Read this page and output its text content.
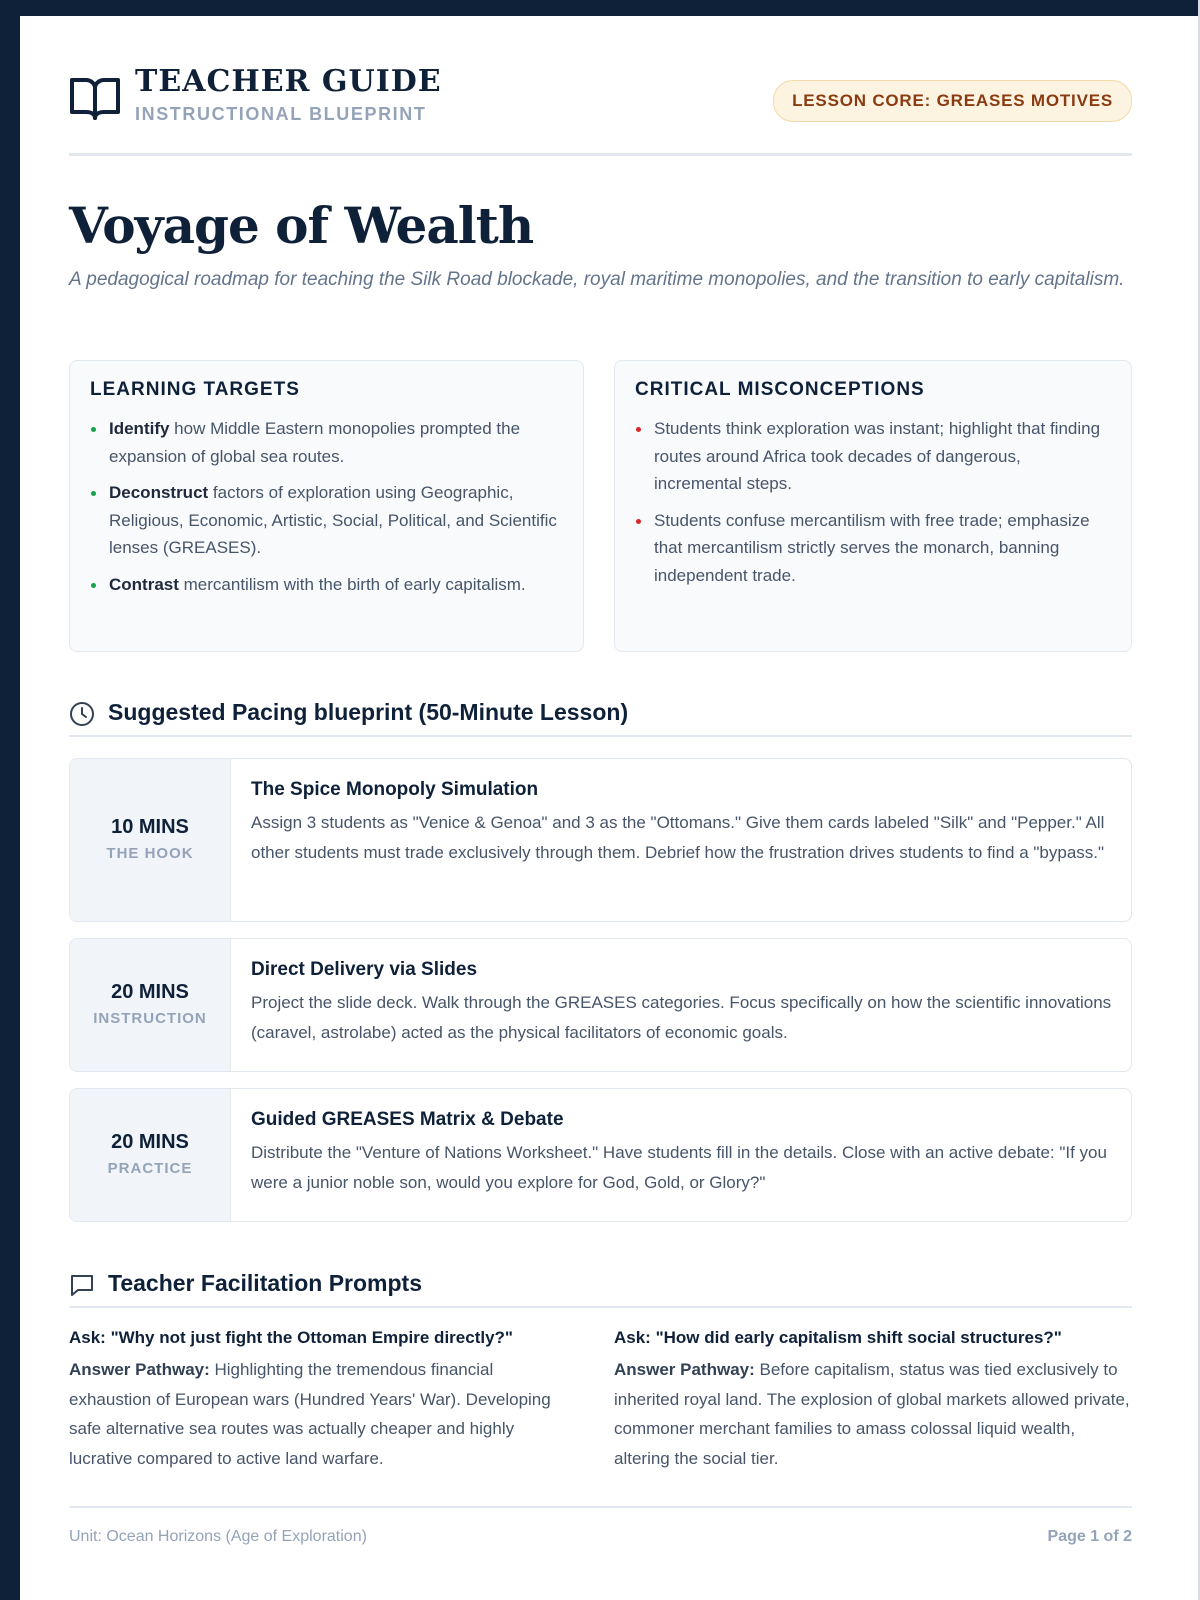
TEACHER GUIDE
INSTRUCTIONAL BLUEPRINT
LESSON CORE: GREASES MOTIVES
Voyage of Wealth
A pedagogical roadmap for teaching the Silk Road blockade, royal maritime monopolies, and the transition to early capitalism.
LEARNING TARGETS
Identify how Middle Eastern monopolies prompted the expansion of global sea routes.
Deconstruct factors of exploration using Geographic, Religious, Economic, Artistic, Social, Political, and Scientific lenses (GREASES).
Contrast mercantilism with the birth of early capitalism.
CRITICAL MISCONCEPTIONS
Students think exploration was instant; highlight that finding routes around Africa took decades of dangerous, incremental steps.
Students confuse mercantilism with free trade; emphasize that mercantilism strictly serves the monarch, banning independent trade.
Suggested Pacing blueprint (50-Minute Lesson)
10 MINS
THE HOOK
The Spice Monopoly Simulation

Assign 3 students as "Venice & Genoa" and 3 as the "Ottomans." Give them cards labeled "Silk" and "Pepper." All other students must trade exclusively through them. Debrief how the frustration drives students to find a "bypass."

20 MINS
INSTRUCTION
Direct Delivery via Slides

Project the slide deck. Walk through the GREASES categories. Focus specifically on how the scientific innovations (caravel, astrolabe) acted as the physical facilitators of economic goals.

20 MINS
PRACTICE
Guided GREASES Matrix & Debate

Distribute the "Venture of Nations Worksheet." Have students fill in the details. Close with an active debate: "If you were a junior noble son, would you explore for God, Gold, or Glory?"

Teacher Facilitation Prompts
Ask: "Why not just fight the Ottoman Empire directly?"

Answer Pathway: Highlighting the tremendous financial exhaustion of European wars (Hundred Years' War). Developing safe alternative sea routes was actually cheaper and highly lucrative compared to active land warfare.

Ask: "How did early capitalism shift social structures?"

Answer Pathway: Before capitalism, status was tied exclusively to inherited royal land. The explosion of global markets allowed private, commoner merchant families to amass colossal liquid wealth, altering the social tier.

Unit: Ocean Horizons (Age of Exploration)	Page 1 of 2
